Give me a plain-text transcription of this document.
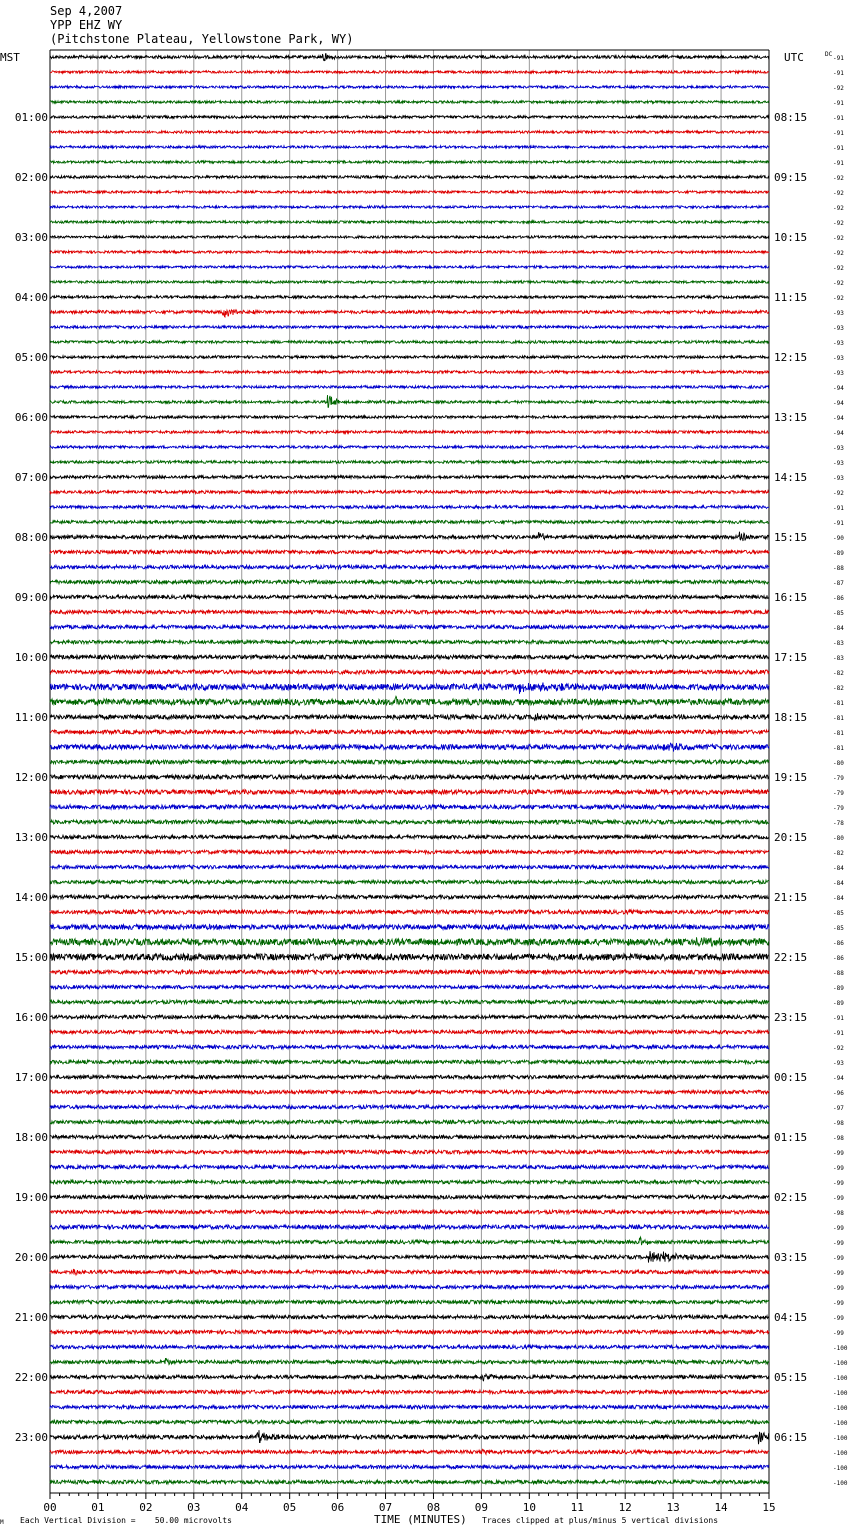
Sep 4,2007
YPP EHZ WY
(Pitchstone Plateau, Yellowstone Park, WY)
01:00	08:15
02:00	09:15
03:00	10:15
04:00	11:15
05:00	12:15
06:00	13:15
07:00	14:15
08:00	15:15
09:00	16:15
10:00	17:15
11:00	18:15
12:00	19:15
13:00	20:15
14:00	21:15
15:00	22:15
16:00	23:15
17:00	00:15
18:00	01:15
19:00	02:15
20:00	03:15
21:00	04:15
22:00	05:15
23:00	06:15
-91
-91
-92
-91
-91
-91
-91
-91
-92
-92
-92
-92
-92
-92
-92
-92
-92
-93
-93
-93
-93
-93
-94
-94
-94
-94
-93
-93
-93
-92
-91
-91
-90
-89
-88
-87
-86
-85
-84
-83
-83
-82
-82
-81
-81
-81
-81
-80
-79
-79
-79
-78
-80
-82
-84
-84
-84
-85
-85
-86
-86
-88
-89
-89
-91
-91
-92
-93
-94
-96
-97
-98
-98
-99
-99
-99
-99
-98
-99
-99
-99
-99
-99
-99
-99
-99
-100
-100
-100
-100
-100
-100
-100
-100
-100
-100
00	01	02	03	04	05	06	07	08	09	10	11	12	13	14	15
MST	UTC	DC
M Each Vertical Division =    50.00 microvolts	TIME (MINUTES) Traces clipped at plus/minus 5 vertical divisions
